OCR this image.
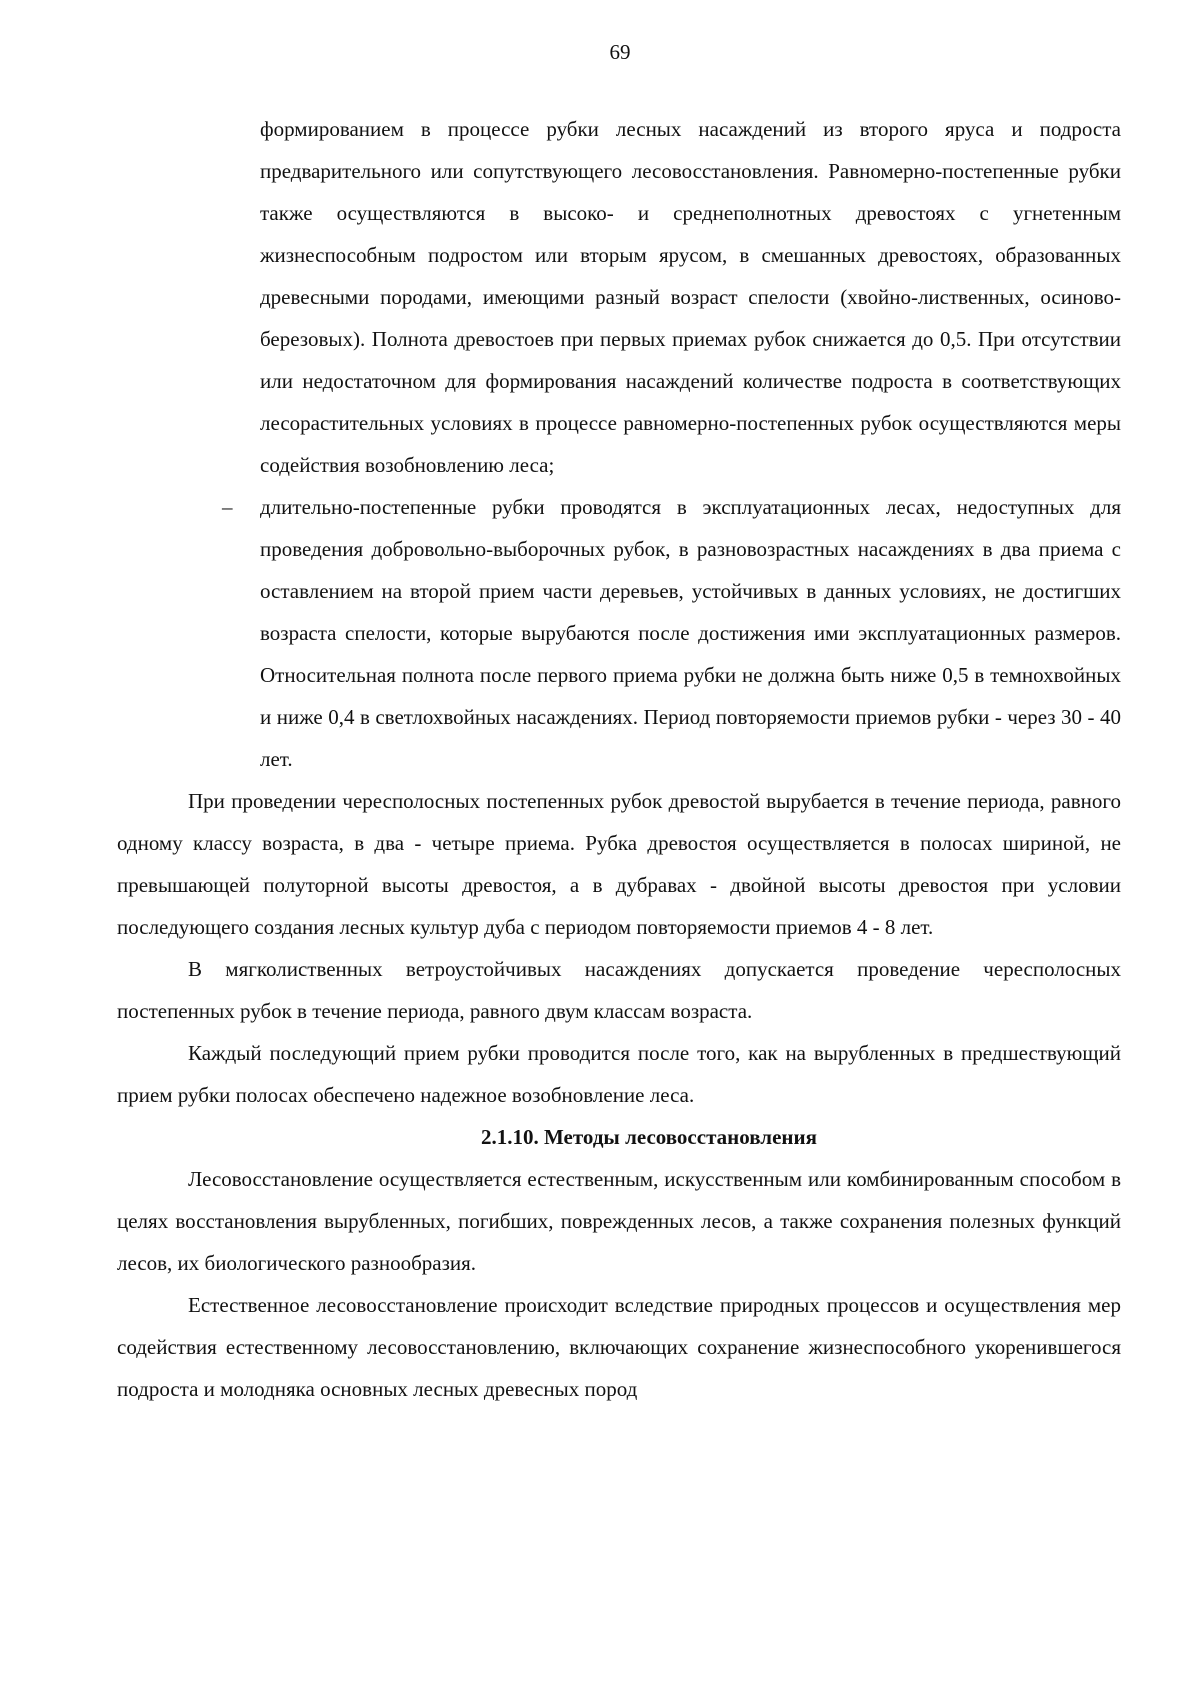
69

формированием в процессе рубки лесных насаждений из второго яруса и подроста предварительного или сопутствующего лесовосстановления. Равномерно-постепенные рубки также осуществляются в высоко- и среднеполнотных древостоях с угнетенным жизнеспособным подростом или вторым ярусом, в смешанных древостоях, образованных древесными породами, имеющими разный возраст спелости (хвойно-лиственных, осиново-березовых). Полнота древостоев при первых приемах рубок снижается до 0,5. При отсутствии или недостаточном для формирования насаждений количестве подроста в соответствующих лесорастительных условиях в процессе равномерно-постепенных рубок осуществляются меры содействия возобновлению леса;

– длительно-постепенные рубки проводятся в эксплуатационных лесах, недоступных для проведения добровольно-выборочных рубок, в разновозрастных насаждениях в два приема с оставлением на второй прием части деревьев, устойчивых в данных условиях, не достигших возраста спелости, которые вырубаются после достижения ими эксплуатационных размеров. Относительная полнота после первого приема рубки не должна быть ниже 0,5 в темнохвойных и ниже 0,4 в светлохвойных насаждениях. Период повторяемости приемов рубки - через 30 - 40 лет.

При проведении чересполосных постепенных рубок древостой вырубается в течение периода, равного одному классу возраста, в два - четыре приема. Рубка древостоя осуществляется в полосах шириной, не превышающей полуторной высоты древостоя, а в дубравах - двойной высоты древостоя при условии последующего создания лесных культур дуба с периодом повторяемости приемов 4 - 8 лет.

В мягколиственных ветроустойчивых насаждениях допускается проведение чересполосных постепенных рубок в течение периода, равного двум классам возраста.

Каждый последующий прием рубки проводится после того, как на вырубленных в предшествующий прием рубки полосах обеспечено надежное возобновление леса.

2.1.10. Методы лесовосстановления

Лесовосстановление осуществляется естественным, искусственным или комбинированным способом в целях восстановления вырубленных, погибших, поврежденных лесов, а также сохранения полезных функций лесов, их биологического разнообразия.

Естественное лесовосстановление происходит вследствие природных процессов и осуществления мер содействия естественному лесовосстановлению, включающих сохранение жизнеспособного укоренившегося подроста и молодняка основных лесных древесных пород
